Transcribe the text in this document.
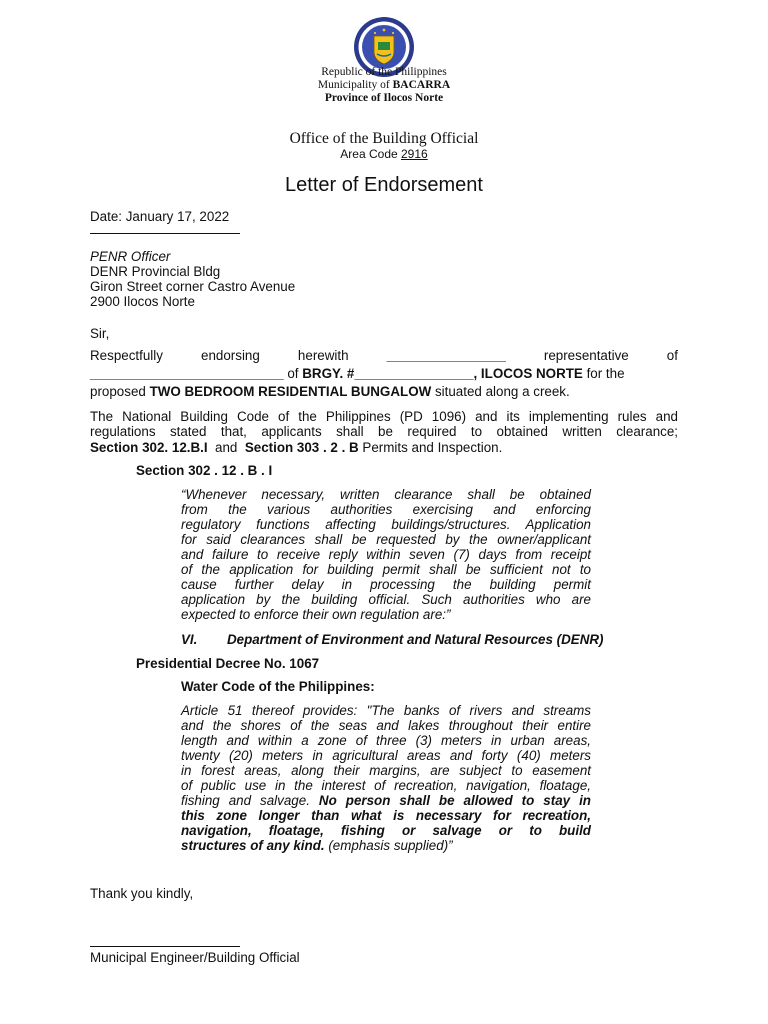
Republic of the Philippines
Municipality of BACARRA
Province of Ilocos Norte
Office of the Building Official
Area Code 2916
Letter of Endorsement
Date: January 17, 2022
PENR Officer
DENR Provincial Bldg
Giron Street corner Castro Avenue
2900 Ilocos Norte
Sir,
Respectfully	endorsing	herewith	________________	representative	of
__________________________ of BRGY. #________________, ILOCOS NORTE for the
proposed TWO BEDROOM RESIDENTIAL BUNGALOW situated along a creek.
The National Building Code of the Philippines (PD 1096) and its implementing rules and
regulations stated that, applicants shall be required to obtained written clearance;
Section 302. 12.B.I  and  Section 303 . 2 . B Permits and Inspection.
Section 302 . 12 . B . I
“Whenever necessary, written clearance shall be obtained
from the various authorities exercising and enforcing
regulatory functions affecting buildings/structures. Application
for said clearances shall be requested by the owner/applicant
and failure to receive reply within seven (7) days from receipt
of the application for building permit shall be sufficient not to
cause further delay in processing the building permit
application by the building official. Such authorities who are
expected to enforce their own regulation are:”
VI. Department of Environment and Natural Resources (DENR)
Presidential Decree No. 1067
Water Code of the Philippines:
Article 51 thereof provides: "The banks of rivers and streams
and the shores of the seas and lakes throughout their entire
length and within a zone of three (3) meters in urban areas,
twenty (20) meters in agricultural areas and forty (40) meters
in forest areas, along their margins, are subject to easement
of public use in the interest of recreation, navigation, floatage,
fishing and salvage. No person shall be allowed to stay in
this zone longer than what is necessary for recreation,
navigation, floatage, fishing or salvage or to build
structures of any kind. (emphasis supplied)”
Thank you kindly,
Municipal Engineer/Building Official
